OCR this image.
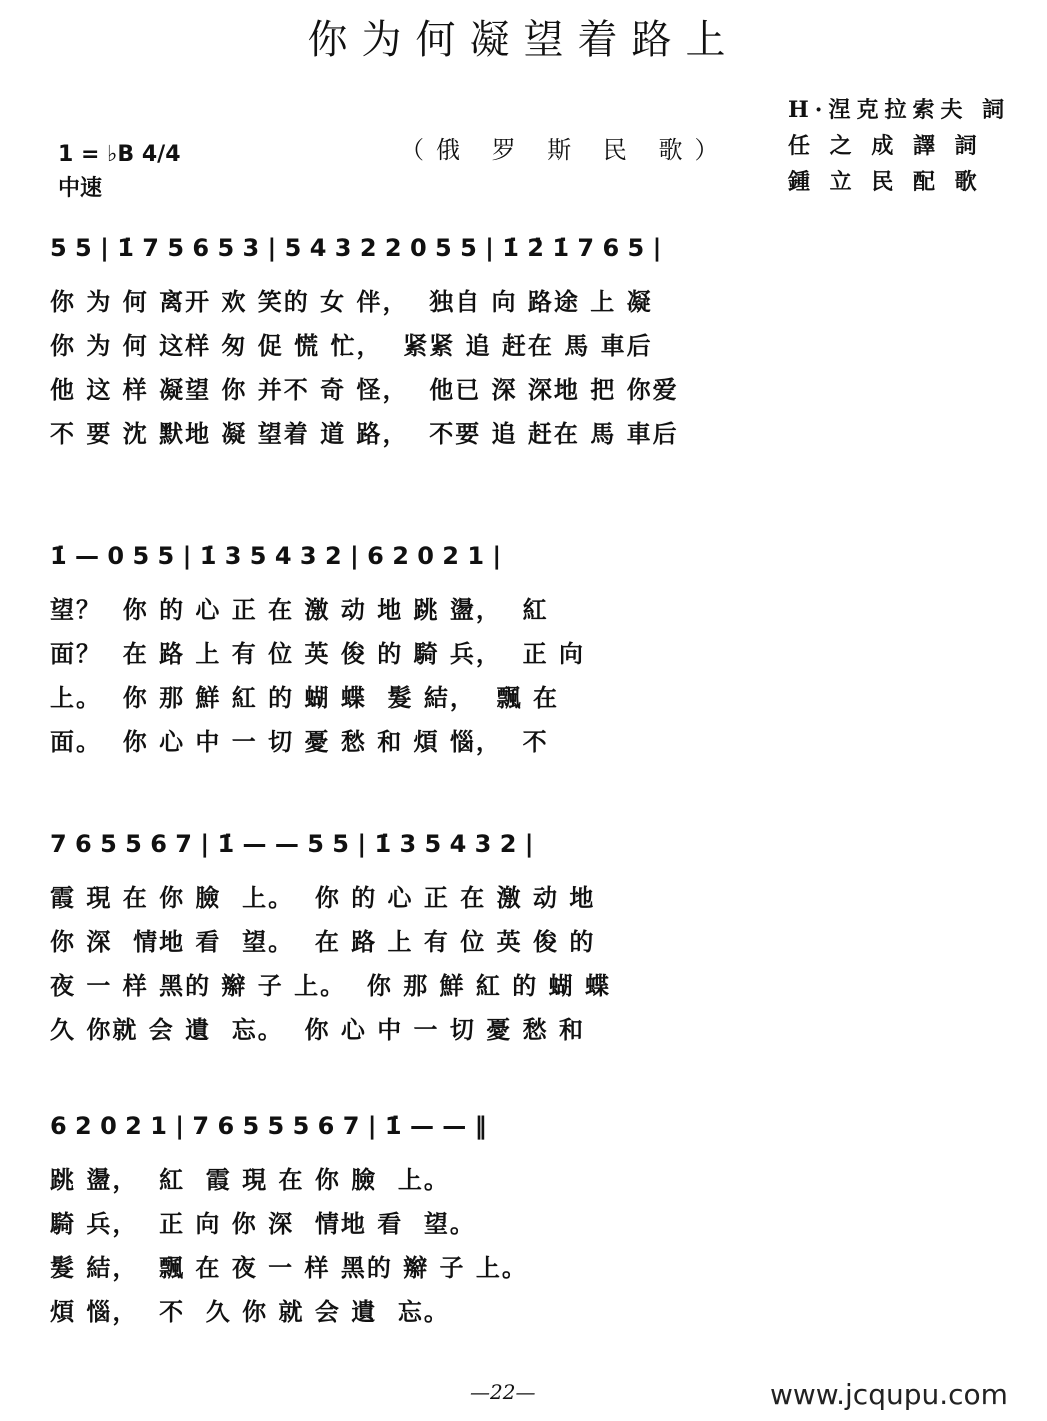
你为何凝望着路上
1 = ♭B 4/4
中速
（俄 罗 斯 民 歌）
H·涅克拉索夫 詞
任 之 成 譯 詞
鍾 立 民 配 歌
5 5 | 1̇ 7 5 6 5 3 | 5 4 3 2 2 0 5 5 | 1̇ 2̇ 1̇ 7 6 5 |
你 为 何 离开 欢 笑的 女 伴，  独自 向 路途 上 凝
你 为 何 这样 匆 促 慌 忙，  紧紧 追 赶在 馬 車后
他 这 样 凝望 你 并不 奇 怪，  他已 深 深地 把 你爱
不 要 沈 默地 凝 望着 道 路，  不要 追 赶在 馬 車后
1̇ — 0 5 5 | 1̇ 3 5 4 3 2 | 6 2 0 2 1 |
望？  你 的 心 正 在 激 动 地 跳 盪，  紅
面？  在 路 上 有 位 英 俊 的 騎 兵，  正 向
上。  你 那 鮮 紅 的 蝴 蝶  髮 結，  飄 在
面。  你 心 中 一 切 憂 愁 和 煩 惱，  不
7 6 5 5 6 7 | 1̇ — — 5 5 | 1̇ 3 5 4 3 2 |
霞 現 在 你 臉  上。  你 的 心 正 在 激 动 地
你 深  情地 看  望。  在 路 上 有 位 英 俊 的
夜 一 样 黑的 辮 子 上。  你 那 鮮 紅 的 蝴 蝶
久 你就 会 遺  忘。  你 心 中 一 切 憂 愁 和
6 2 0 2 1 | 7 6 5 5 5 6 7 | 1̇ — — ‖
跳 盪，  紅  霞 現 在 你 臉  上。
騎 兵，  正 向 你 深  情地 看  望。
髮 結，  飄 在 夜 一 样 黑的 辮 子 上。
煩 惱，  不  久 你 就 会 遺  忘。
—22—	www.jcqupu.com
